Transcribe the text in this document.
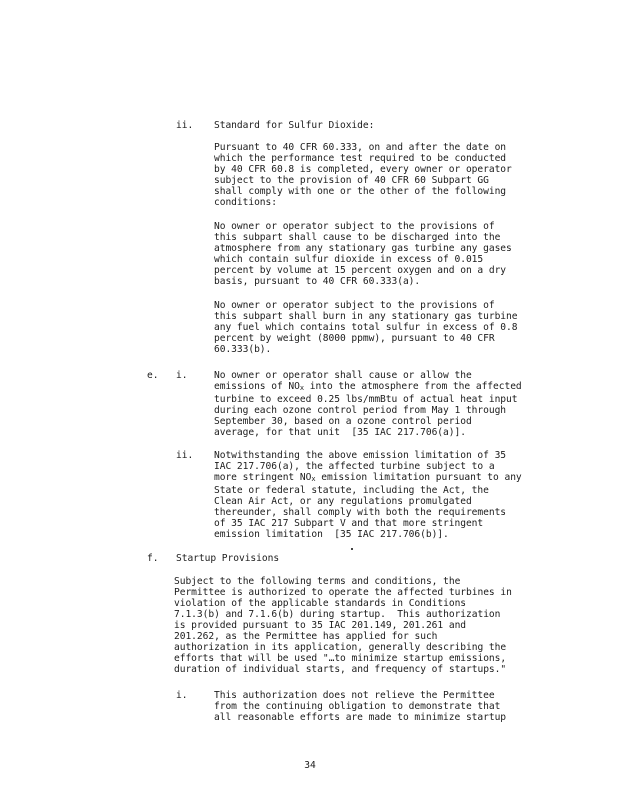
ii. Standard for Sulfur Dioxide:
Pursuant to 40 CFR 60.333, on and after the date on
which the performance test required to be conducted
by 40 CFR 60.8 is completed, every owner or operator
subject to the provision of 40 CFR 60 Subpart GG
shall comply with one or the other of the following
conditions:
No owner or operator subject to the provisions of
this subpart shall cause to be discharged into the
atmosphere from any stationary gas turbine any gases
which contain sulfur dioxide in excess of 0.015
percent by volume at 15 percent oxygen and on a dry
basis, pursuant to 40 CFR 60.333(a).
No owner or operator subject to the provisions of
this subpart shall burn in any stationary gas turbine
any fuel which contains total sulfur in excess of 0.8
percent by weight (8000 ppmw), pursuant to 40 CFR
60.333(b).
e. i.	No owner or operator shall cause or allow the
emissions of NOx into the atmosphere from the affected
turbine to exceed 0.25 lbs/mmBtu of actual heat input
during each ozone control period from May 1 through
September 30, based on a ozone control period
average, for that unit  [35 IAC 217.706(a)].
ii. Notwithstanding the above emission limitation of 35
IAC 217.706(a), the affected turbine subject to a
more stringent NOx emission limitation pursuant to any
State or federal statute, including the Act, the
Clean Air Act, or any regulations promulgated
thereunder, shall comply with both the requirements
of 35 IAC 217 Subpart V and that more stringent
emission limitation  [35 IAC 217.706(b)].
f. Startup Provisions
Subject to the following terms and conditions, the
Permittee is authorized to operate the affected turbines in
violation of the applicable standards in Conditions
7.1.3(b) and 7.1.6(b) during startup.  This authorization
is provided pursuant to 35 IAC 201.149, 201.261 and
201.262, as the Permittee has applied for such
authorization in its application, generally describing the
efforts that will be used "…to minimize startup emissions,
duration of individual starts, and frequency of startups."
i.	This authorization does not relieve the Permittee
from the continuing obligation to demonstrate that
all reasonable efforts are made to minimize startup
34
